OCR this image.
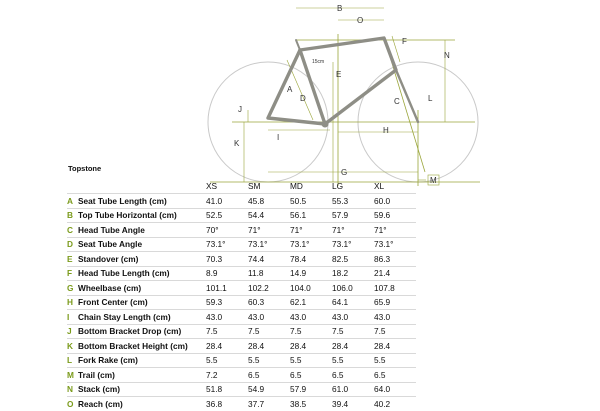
B
O
F
N
E
15cm
A
D	C	L
J
I
H
K
G
M
Topstone
	XS	SM	MD	LG	XL
A Seat Tube Length (cm)	41.0	45.8	50.5	55.3	60.0
B Top Tube Horizontal (cm)	52.5	54.4	56.1	57.9	59.6
C Head Tube Angle	70°	71°	71°	71°	71°
D Seat Tube Angle	73.1°	73.1°	73.1°	73.1°	73.1°
E Standover (cm)	70.3	74.4	78.4	82.5	86.3
F Head Tube Length (cm)	8.9	11.8	14.9	18.2	21.4
G Wheelbase (cm)	101.1	102.2	104.0	106.0	107.8
H Front Center (cm)	59.3	60.3	62.1	64.1	65.9
I Chain Stay Length (cm)	43.0	43.0	43.0	43.0	43.0
J Bottom Bracket Drop (cm)	7.5	7.5	7.5	7.5	7.5
K Bottom Bracket Height (cm)	28.4	28.4	28.4	28.4	28.4
L Fork Rake (cm)	5.5	5.5	5.5	5.5	5.5
M Trail (cm)	7.2	6.5	6.5	6.5	6.5
N Stack (cm)	51.8	54.9	57.9	61.0	64.0
O Reach (cm)	36.8	37.7	38.5	39.4	40.2
